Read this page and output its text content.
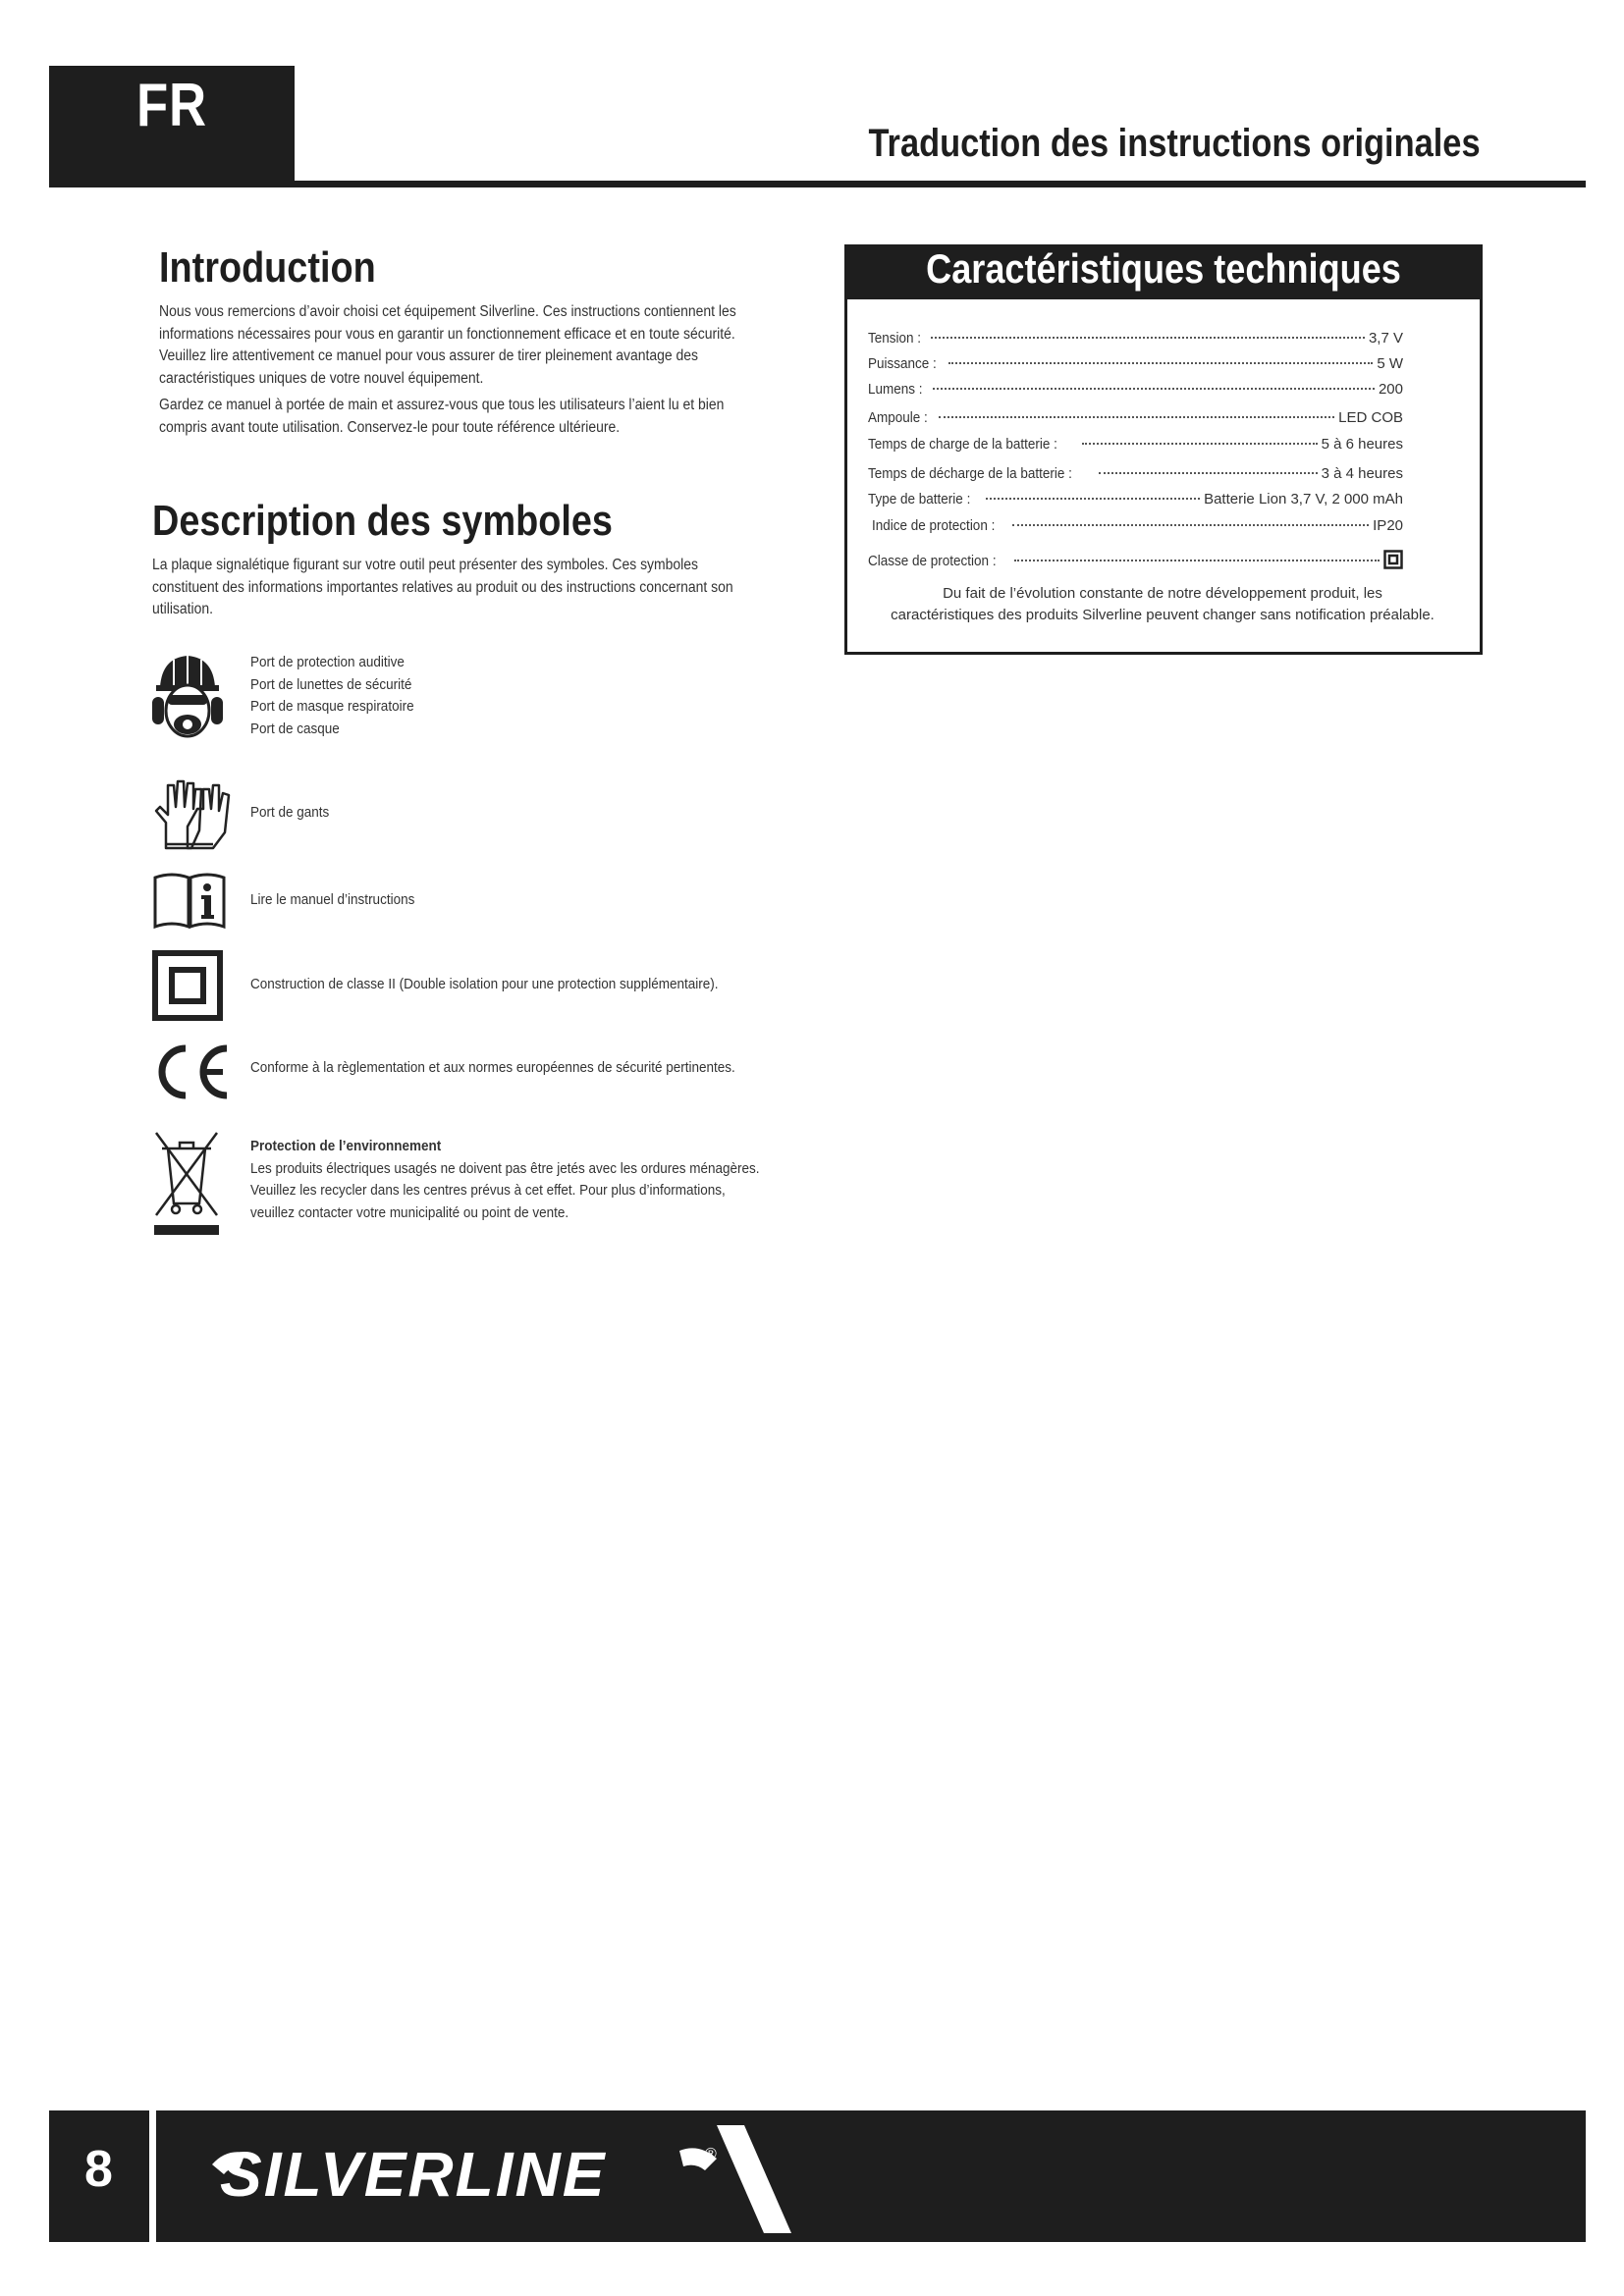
FR
Traduction des instructions originales
Introduction
Nous vous remercions d’avoir choisi cet équipement Silverline. Ces instructions contiennent les
informations nécessaires pour vous en garantir un fonctionnement efficace et en toute sécurité.
Veuillez lire attentivement ce manuel pour vous assurer de tirer pleinement avantage des
caractéristiques uniques de votre nouvel équipement.
Gardez ce manuel à portée de main et assurez-vous que tous les utilisateurs l’aient lu et bien
compris avant toute utilisation. Conservez-le pour toute référence ultérieure.
Description des symboles
La plaque signalétique figurant sur votre outil peut présenter des symboles. Ces symboles
constituent des informations importantes relatives au produit ou des instructions concernant son
utilisation.
Port de protection auditive
Port de lunettes de sécurité
Port de masque respiratoire
Port de casque
Port de gants
Lire le manuel d’instructions
Construction de classe II (Double isolation pour une protection supplémentaire).
Conforme à la règlementation et aux normes européennes de sécurité pertinentes.
Protection de l’environnement
Les produits électriques usagés ne doivent pas être jetés avec les ordures ménagères.
Veuillez les recycler dans les centres prévus à cet effet. Pour plus d’informations,
veuillez contacter votre municipalité ou point de vente.
Caractéristiques techniques
Tension :	3,7 V
Puissance :	5 W
Lumens :	200
Ampoule :	LED COB
Temps de charge de la batterie :	5 à 6 heures
Temps de décharge de la batterie :	3 à 4 heures
Type de batterie :	Batterie Lion 3,7 V, 2 000 mAh
Indice de protection :	IP20
Classe de protection :
Du fait de l’évolution constante de notre développement produit, les
caractéristiques des produits Silverline peuvent changer sans notification préalable.
8 SILVERLINE	®
